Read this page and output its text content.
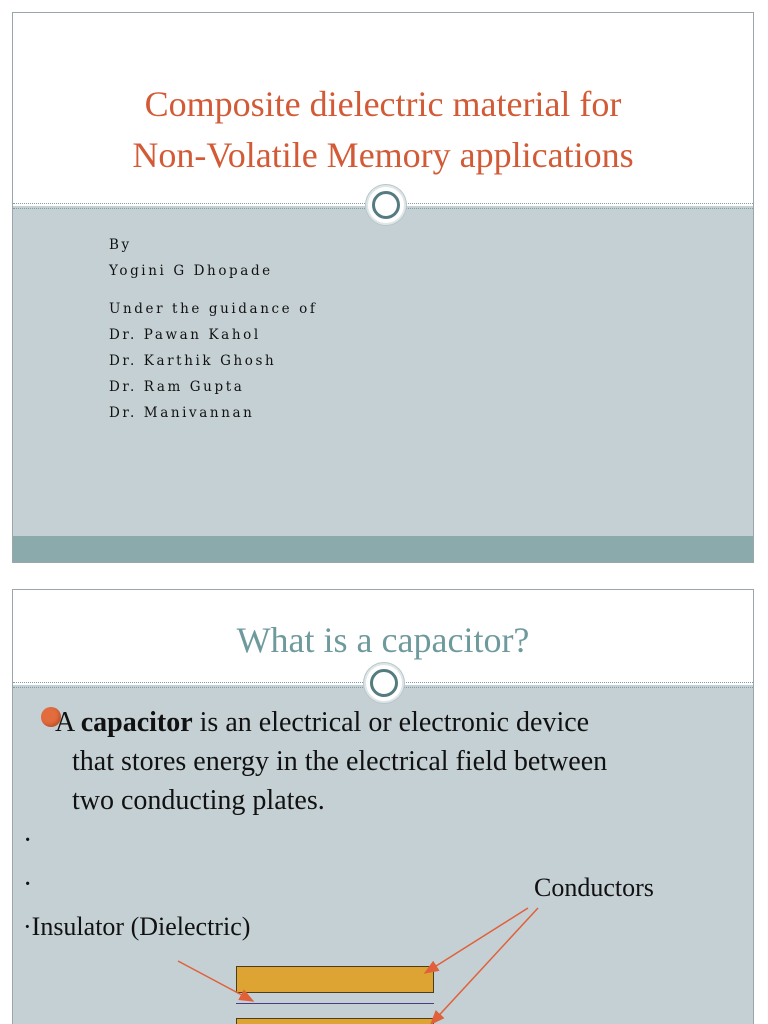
Composite dielectric material for
Non-Volatile Memory applications
By
Yogini G Dhopade
Under the guidance of
Dr. Pawan Kahol
Dr. Karthik Ghosh
Dr. Ram Gupta
Dr. Manivannan
What is a capacitor?
A capacitor is an electrical or electronic device
that stores energy in the electrical field between
two conducting plates.
·
·
·Insulator (Dielectric)
Conductors
